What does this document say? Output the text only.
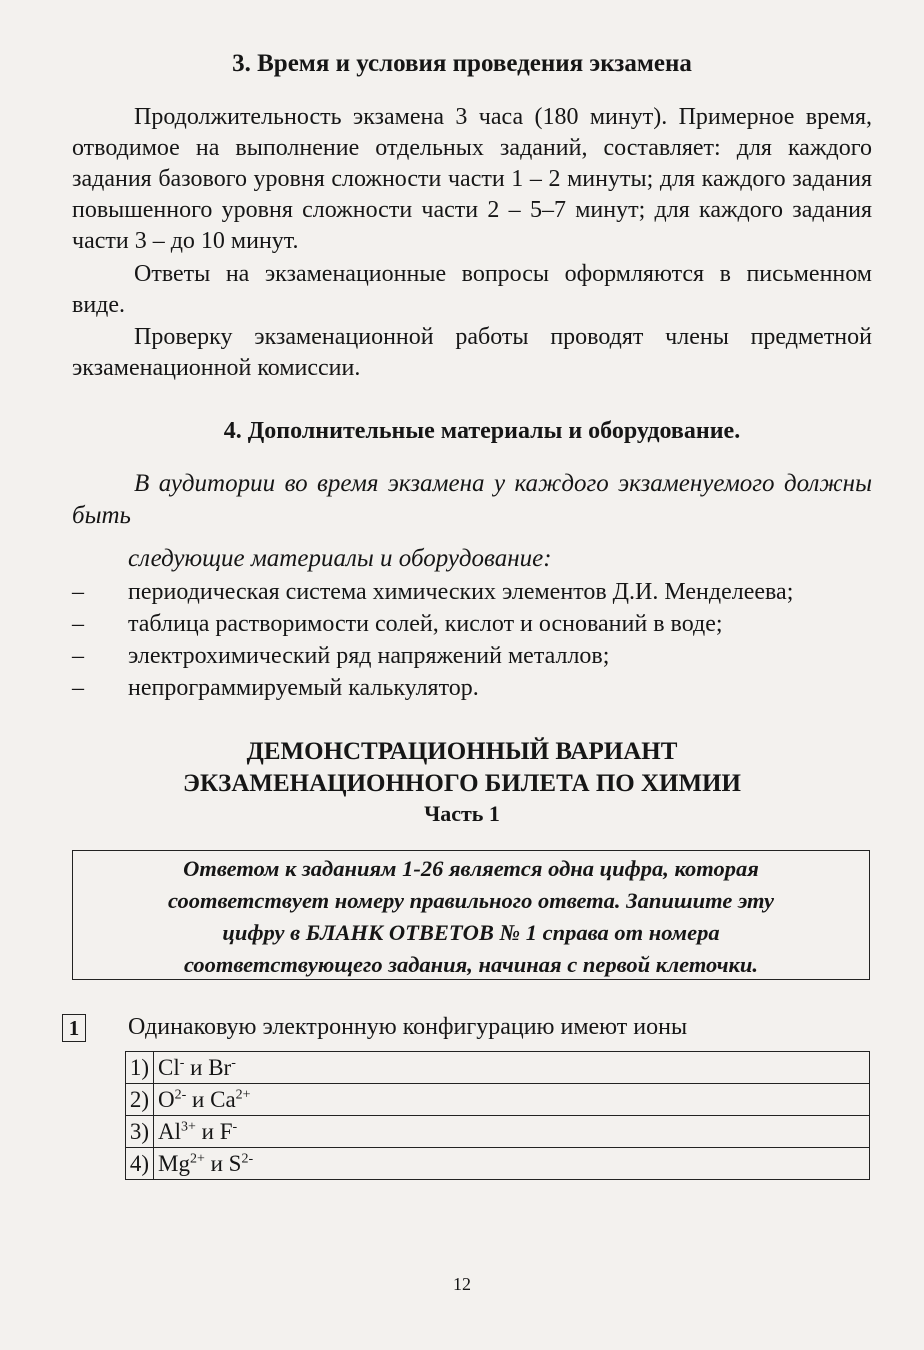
3. Время и условия проведения экзамена
Продолжительность экзамена 3 часа (180 минут). Примерное время, отводимое на выполнение отдельных заданий, составляет: для каждого задания базового уровня сложности части 1 – 2 минуты; для каждого задания повышенного уровня сложности части 2 – 5–7 минут; для каждого задания части 3 – до 10 минут.
Ответы на экзаменационные вопросы оформляются в письменном виде.
Проверку экзаменационной работы проводят члены предметной экзаменационной комиссии.
4. Дополнительные материалы и оборудование.
В аудитории во время экзамена у каждого экзаменуемого должны быть
следующие материалы и оборудование:
– периодическая система химических элементов Д.И. Менделеева;
– таблица растворимости солей, кислот и оснований в воде;
– электрохимический ряд напряжений металлов;
– непрограммируемый калькулятор.
ДЕМОНСТРАЦИОННЫЙ ВАРИАНТ
ЭКЗАМЕНАЦИОННОГО БИЛЕТА ПО ХИМИИ
Часть 1
Ответом к заданиям 1-26 является одна цифра, которая
соответствует номеру правильного ответа. Запишите эту
цифру в БЛАНК ОТВЕТОВ № 1 справа от номера
соответствующего задания, начиная с первой клеточки.
1 Одинаковую электронную конфигурацию имеют ионы
1)	Cl- и Br-
2)	$O^{2-}$ и $Ca^{2+}$
3)	$Al^{3+}$ и F-
4)	$Mg^{2+}$ и $S^{2-}$
12
